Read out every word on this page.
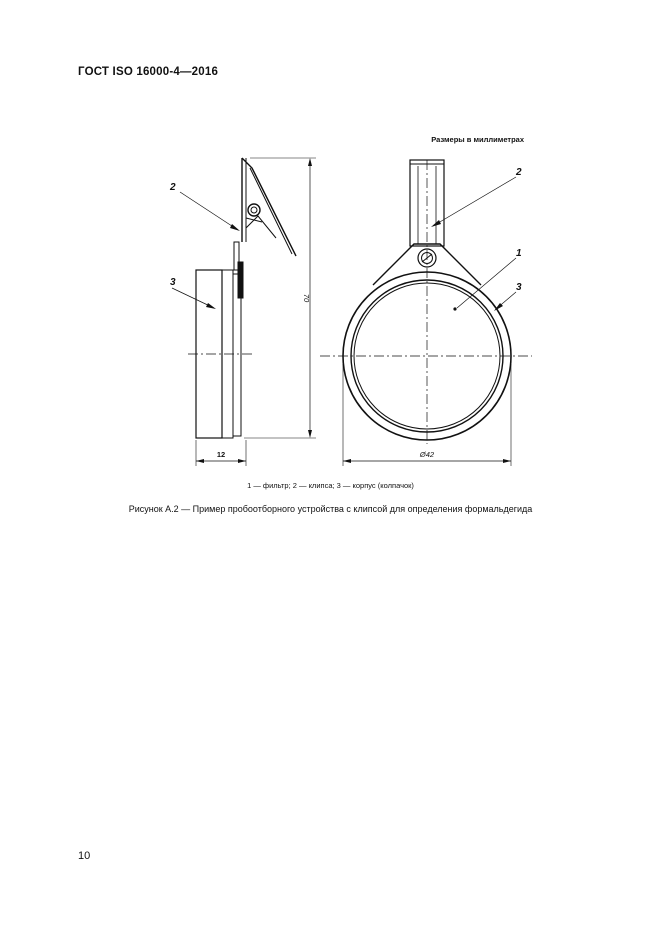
ГОСТ ISO 16000-4—2016
Размеры в миллиметрах
2
3
2
1
3
12	Ø42
70
1 — фильтр; 2 — клипса; 3 — корпус (колпачок)
Рисунок А.2 — Пример пробоотборного устройства с клипсой для определения формальдегида
10
